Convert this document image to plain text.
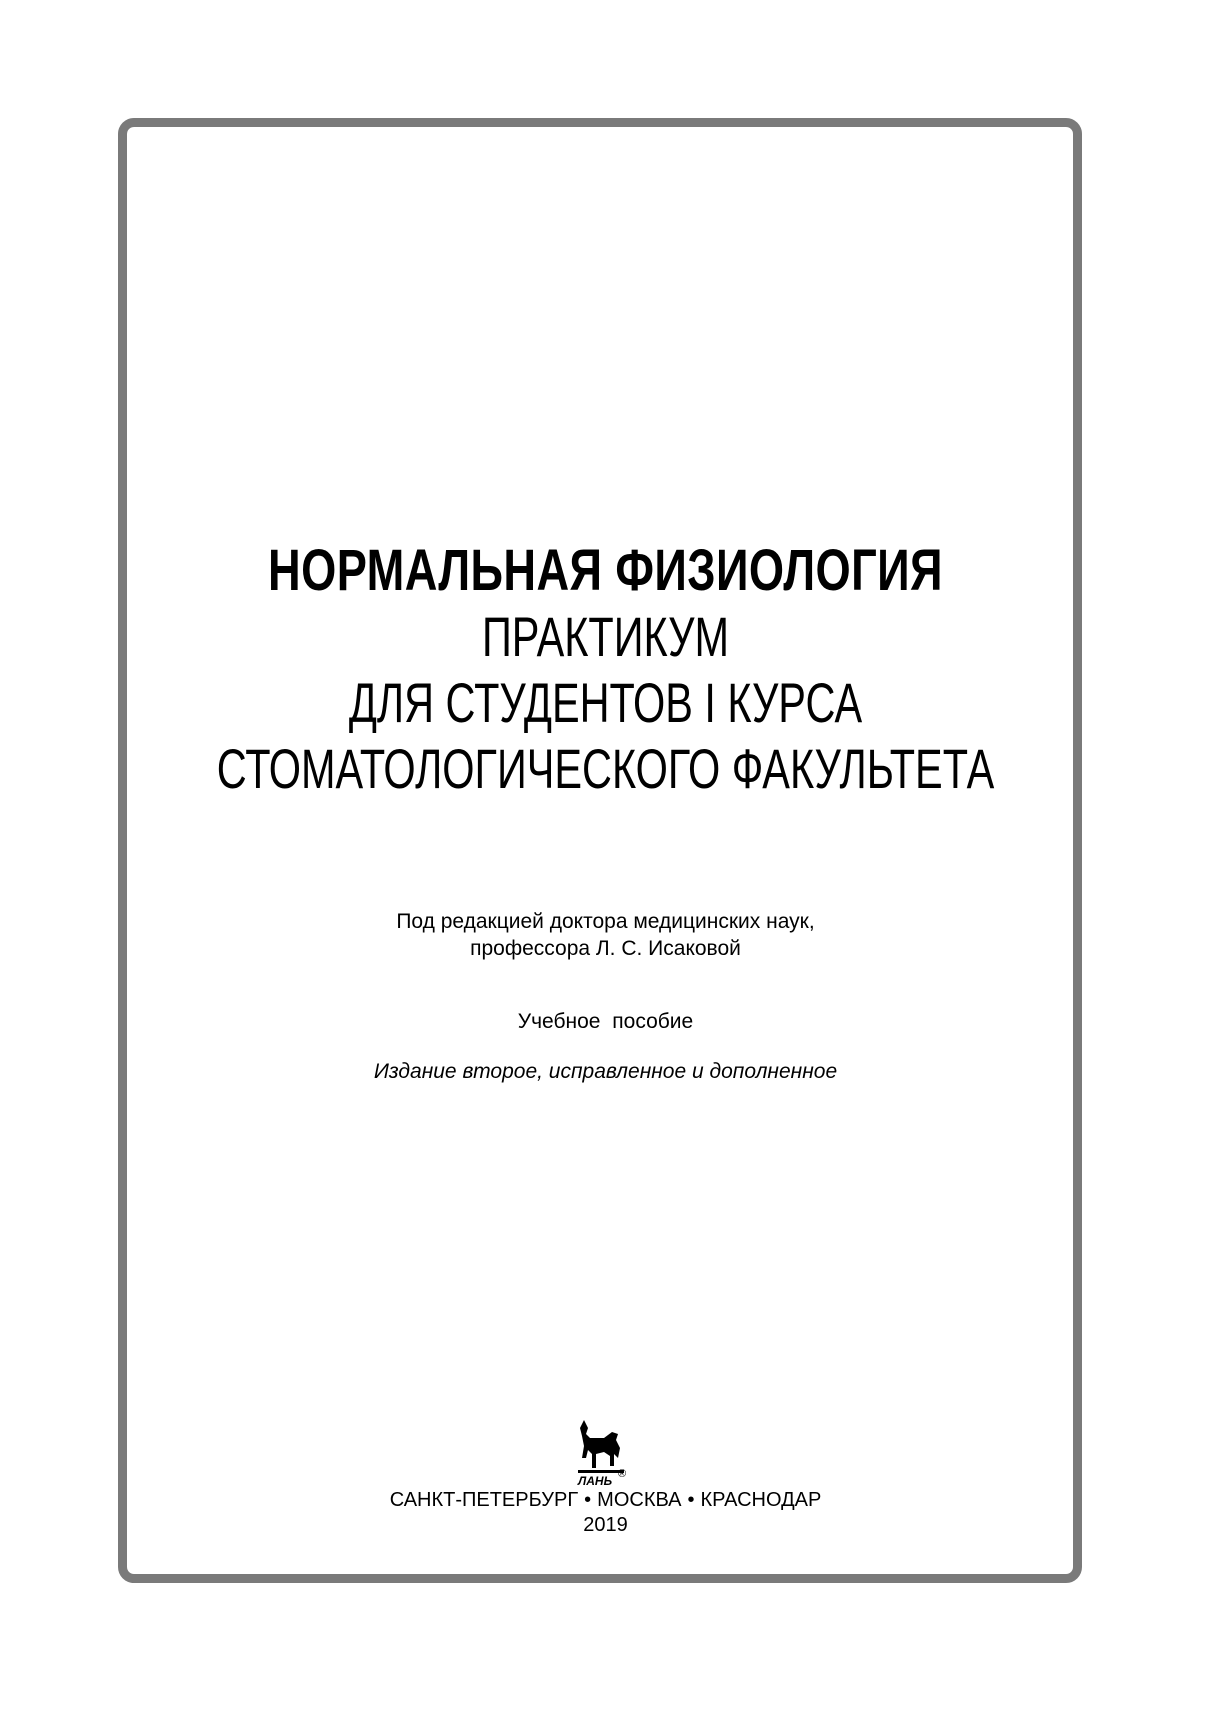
НОРМАЛЬНАЯ ФИЗИОЛОГИЯ
ПРАКТИКУМ
ДЛЯ СТУДЕНТОВ I КУРСА
СТОМАТОЛОГИЧЕСКОГО ФАКУЛЬТЕТА
Под редакцией доктора медицинских наук,
профессора Л. С. Исаковой
Учебное пособие
Издание второе, исправленное и дополненное
ЛАНЬ ®
САНКТ-ПЕТЕРБУРГ • МОСКВА • КРАСНОДАР
2019
